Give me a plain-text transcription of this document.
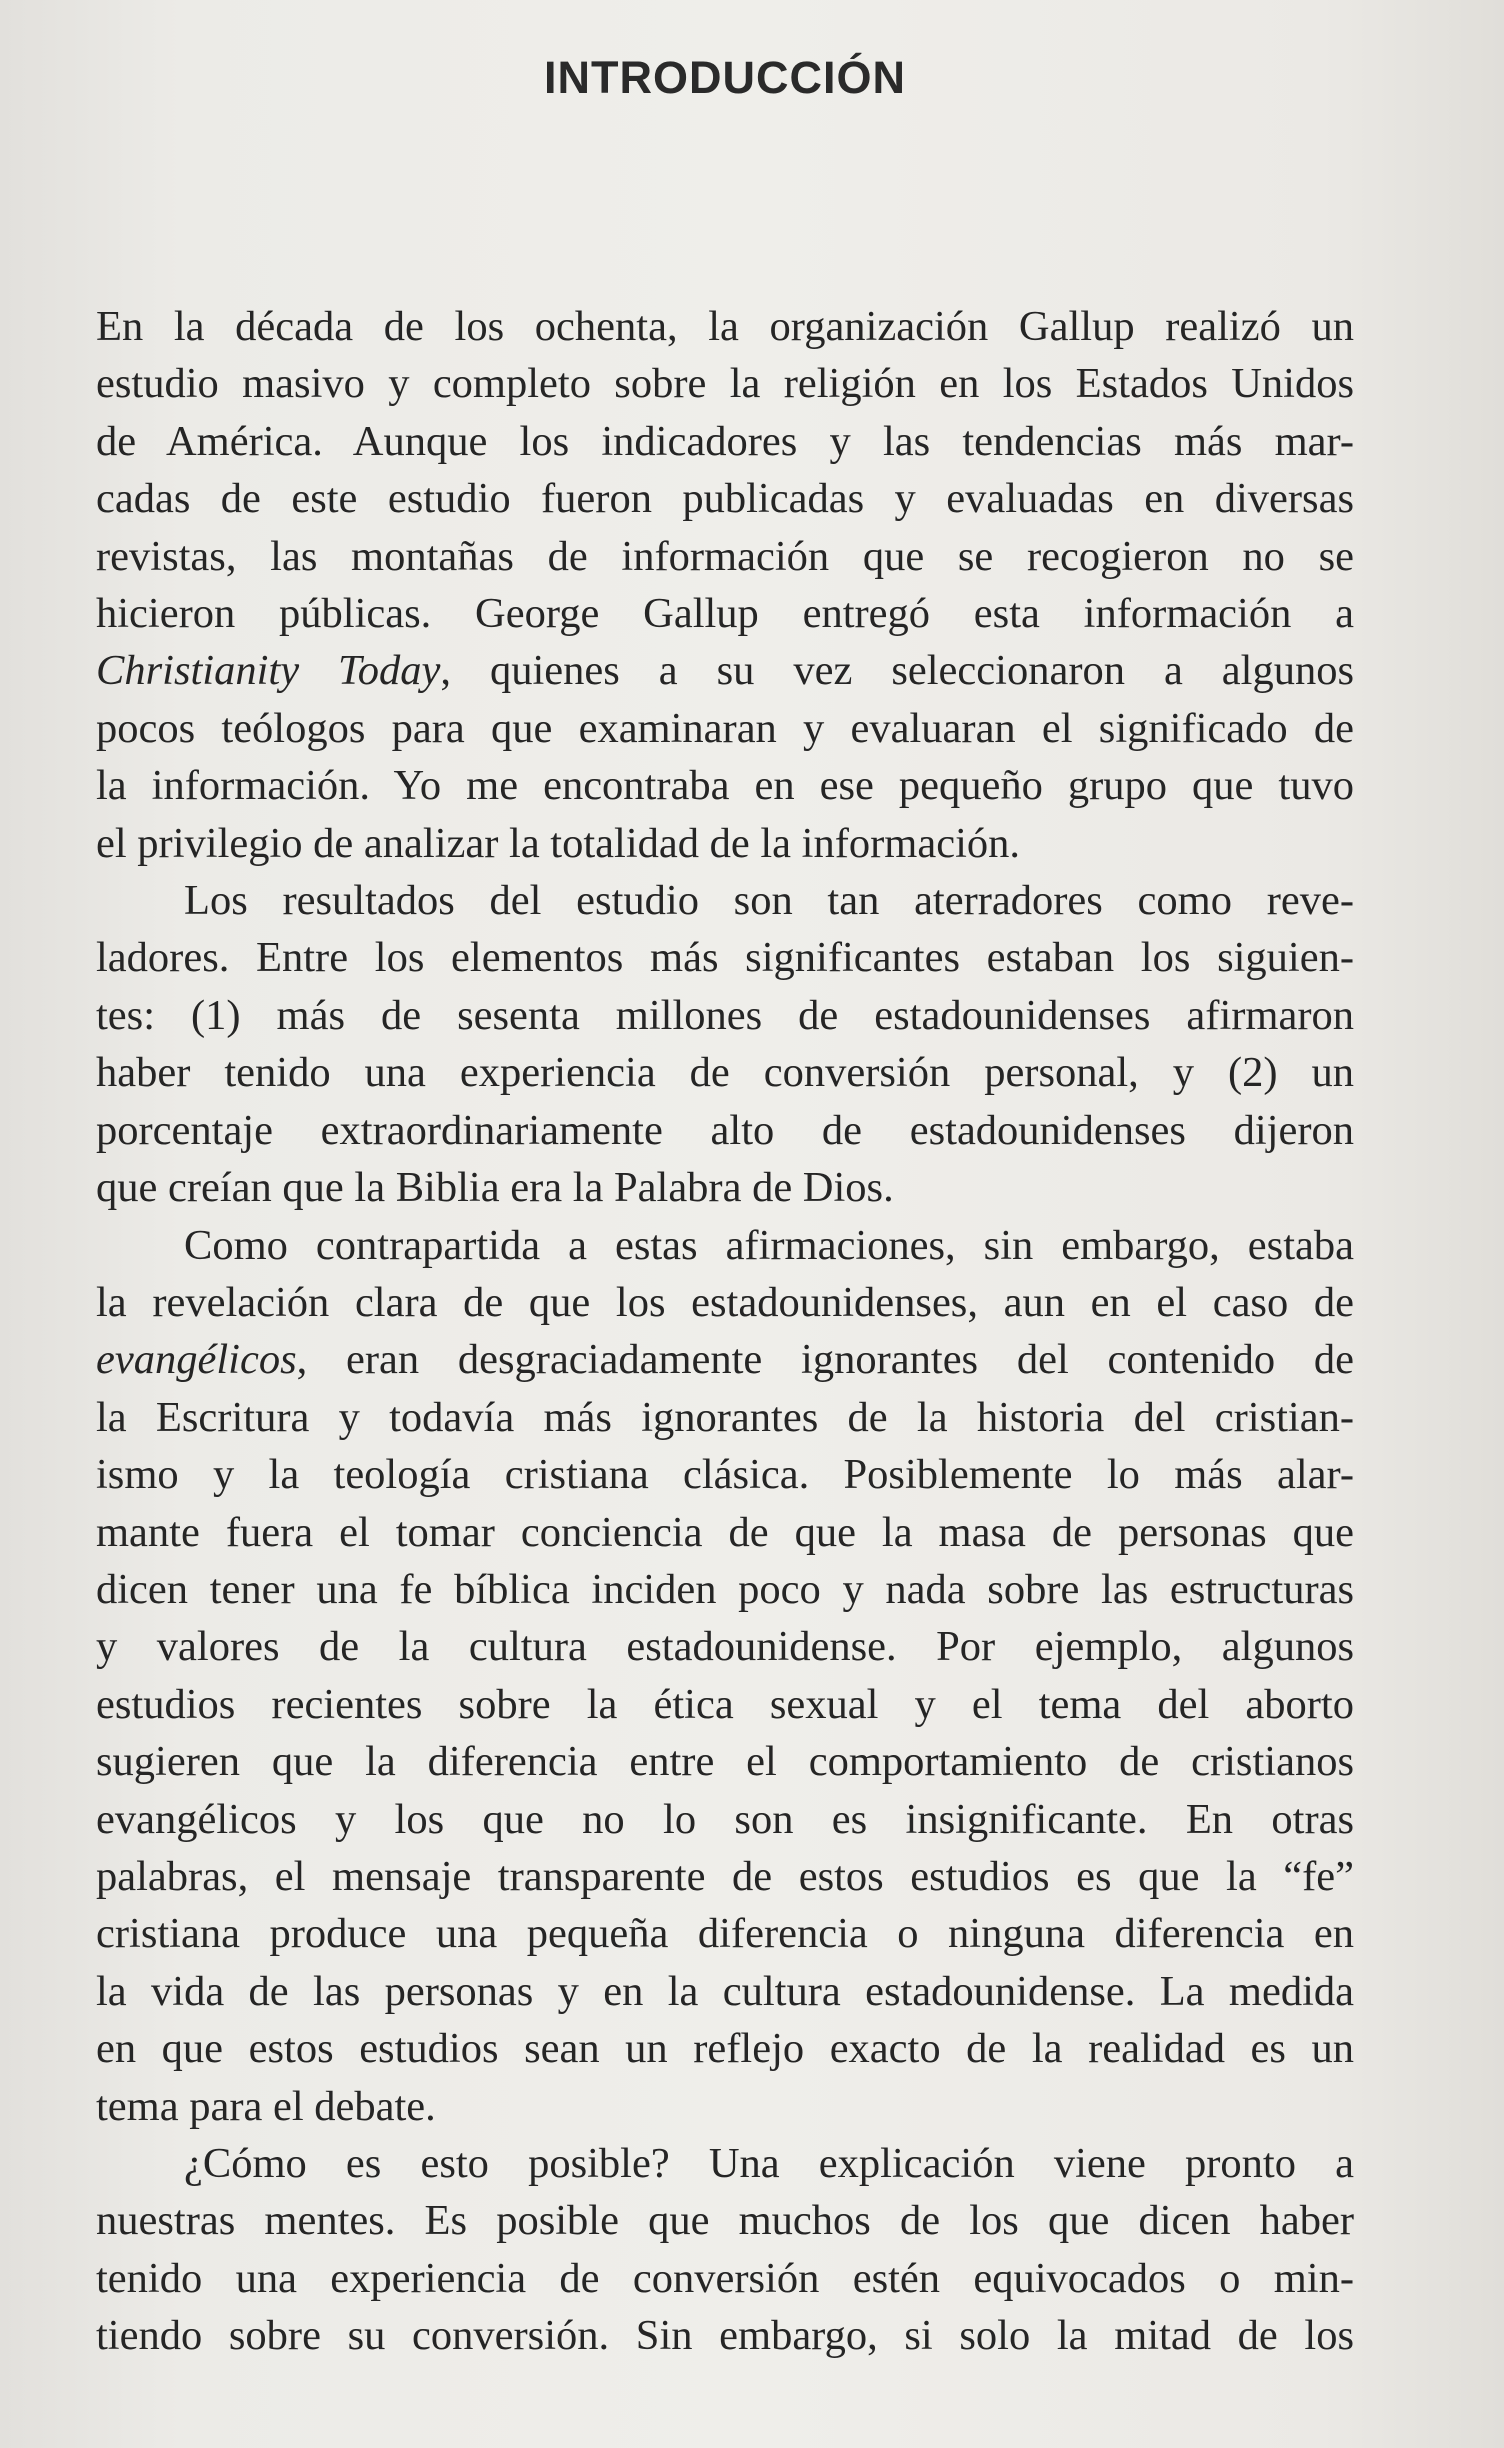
INTRODUCCIÓN
En la década de los ochenta, la organización Gallup realizó un
estudio masivo y completo sobre la religión en los Estados Unidos
de América. Aunque los indicadores y las tendencias más mar-
cadas de este estudio fueron publicadas y evaluadas en diversas
revistas, las montañas de información que se recogieron no se
hicieron públicas. George Gallup entregó esta información a
Christianity Today, quienes a su vez seleccionaron a algunos
pocos teólogos para que examinaran y evaluaran el significado de
la información. Yo me encontraba en ese pequeño grupo que tuvo
el privilegio de analizar la totalidad de la información.
Los resultados del estudio son tan aterradores como reve-
ladores. Entre los elementos más significantes estaban los siguien-
tes: (1) más de sesenta millones de estadounidenses afirmaron
haber tenido una experiencia de conversión personal, y (2) un
porcentaje extraordinariamente alto de estadounidenses dijeron
que creían que la Biblia era la Palabra de Dios.
Como contrapartida a estas afirmaciones, sin embargo, estaba
la revelación clara de que los estadounidenses, aun en el caso de
evangélicos, eran desgraciadamente ignorantes del contenido de
la Escritura y todavía más ignorantes de la historia del cristian-
ismo y la teología cristiana clásica. Posiblemente lo más alar-
mante fuera el tomar conciencia de que la masa de personas que
dicen tener una fe bíblica inciden poco y nada sobre las estructuras
y valores de la cultura estadounidense. Por ejemplo, algunos
estudios recientes sobre la ética sexual y el tema del aborto
sugieren que la diferencia entre el comportamiento de cristianos
evangélicos y los que no lo son es insignificante. En otras
palabras, el mensaje transparente de estos estudios es que la “fe”
cristiana produce una pequeña diferencia o ninguna diferencia en
la vida de las personas y en la cultura estadounidense. La medida
en que estos estudios sean un reflejo exacto de la realidad es un
tema para el debate.
¿Cómo es esto posible? Una explicación viene pronto a
nuestras mentes. Es posible que muchos de los que dicen haber
tenido una experiencia de conversión estén equivocados o min-
tiendo sobre su conversión. Sin embargo, si solo la mitad de los
